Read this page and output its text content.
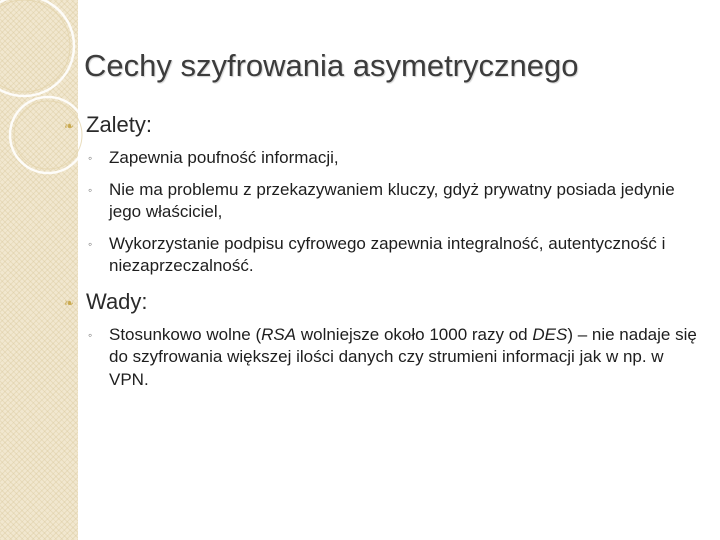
Cechy szyfrowania asymetrycznego

❧ Zalety:

◦ Zapewnia poufność informacji,
◦ Nie ma problemu z przekazywaniem kluczy, gdyż prywatny posiada jedynie jego właściciel,
◦ Wykorzystanie podpisu cyfrowego zapewnia integralność, autentyczność i niezaprzeczalność.

❧ Wady:

◦ Stosunkowo wolne (RSA wolniejsze około 1000 razy od DES) – nie nadaje się do szyfrowania większej ilości danych czy strumieni informacji jak w np. w VPN.
